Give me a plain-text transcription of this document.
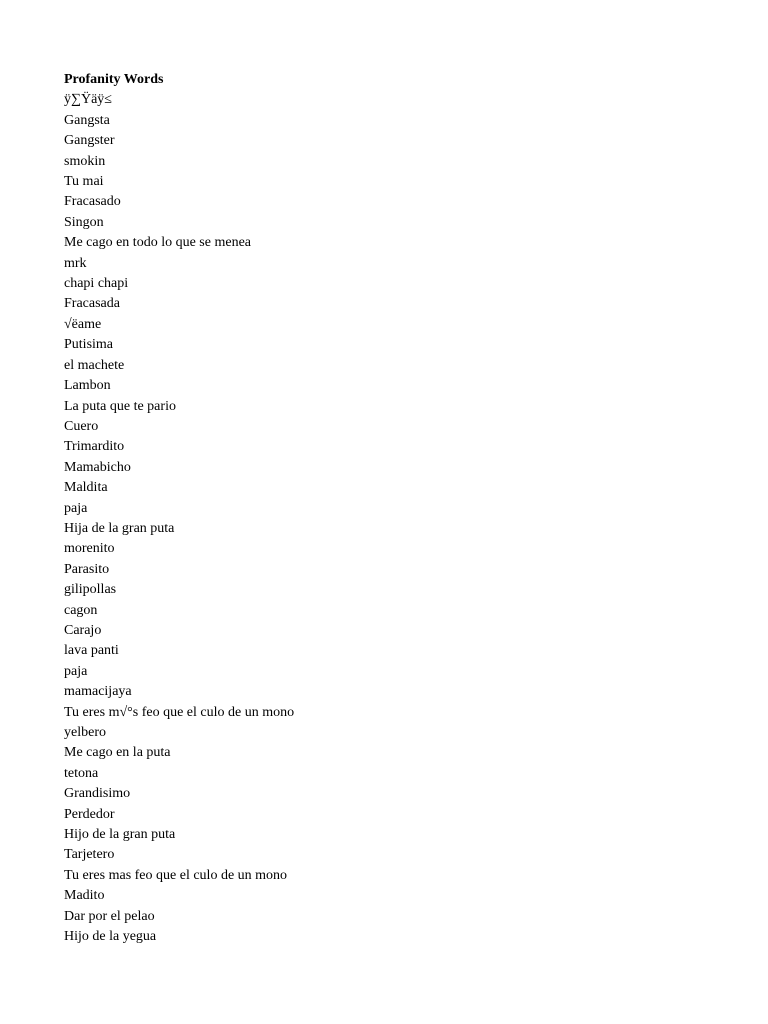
Profanity Words

ÿ∑Ÿäÿ≤
Gangsta
Gangster
smokin
Tu mai
Fracasado
Singon
Me cago en todo lo que se menea
mrk
chapi chapi
Fracasada
√ëame
Putisima
el machete
Lambon
La puta que te pario
Cuero
Trimardito
Mamabicho
Maldita
paja
Hija de la gran puta
morenito
Parasito
gilipollas
cagon
Carajo
lava panti
paja
mamacijaya
Tu eres m√°s feo que el culo de un mono
yelbero
Me cago en la puta
tetona
Grandisimo
Perdedor
Hijo de la gran puta
Tarjetero
Tu eres mas feo que el culo de un mono
Madito
Dar por el pelao
Hijo de la yegua
